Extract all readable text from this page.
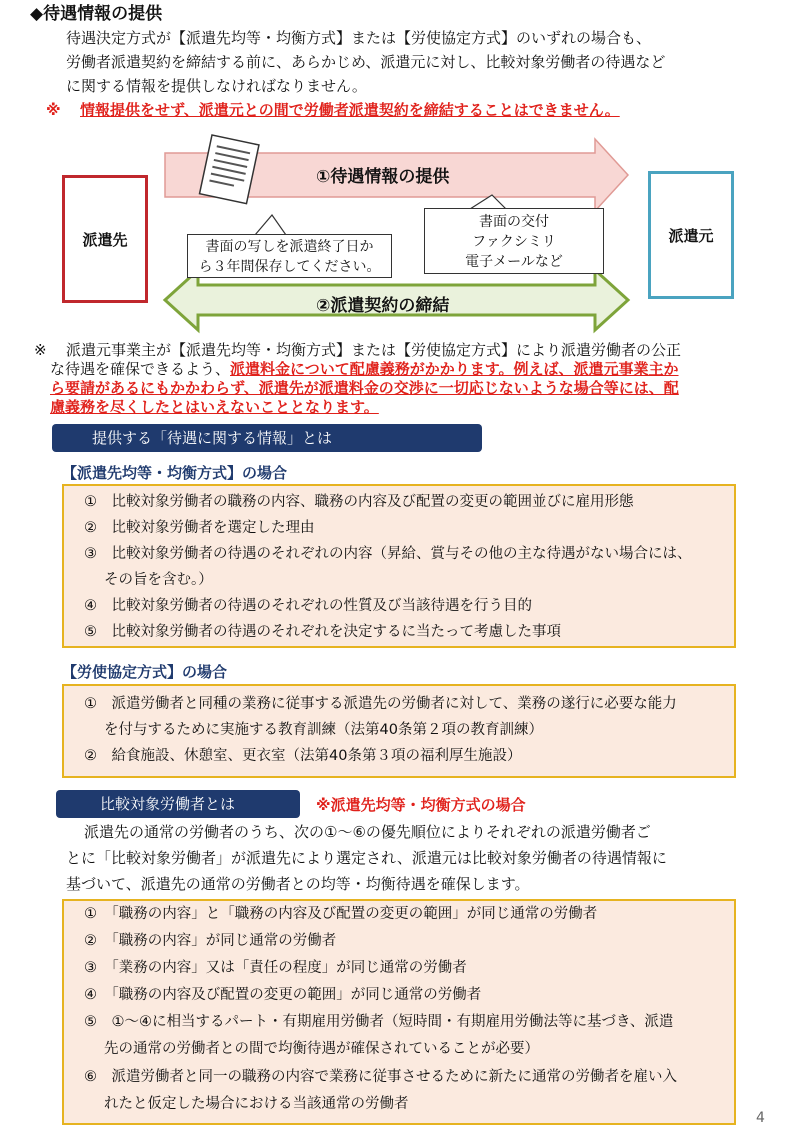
◆待遇情報の提供
待遇決定方式が【派遣先均等・均衡方式】または【労使協定方式】のいずれの場合も、
労働者派遣契約を締結する前に、あらかじめ、派遣元に対し、比較対象労働者の待遇など
に関する情報を提供しなければなりません。
※ 情報提供をせず、派遣元との間で労働者派遣契約を締結することはできません。
派遣先	派遣元
①待遇情報の提供
②派遣契約の締結
書面の写しを派遣終了日か
ら３年間保存してください。
書面の交付
ファクシミリ
電子メールなど
※ 派遣元事業主が【派遣先均等・均衡方式】または【労使協定方式】により派遣労働者の公正
な待遇を確保できるよう、派遣料金について配慮義務がかかります。例えば、派遣元事業主か
ら要請があるにもかかわらず、派遣先が派遣料金の交渉に一切応じないような場合等には、配
慮義務を尽くしたとはいえないこととなります。
提供する「待遇に関する情報」とは
【派遣先均等・均衡方式】の場合
①　比較対象労働者の職務の内容、職務の内容及び配置の変更の範囲並びに雇用形態
②　比較対象労働者を選定した理由
③　比較対象労働者の待遇のそれぞれの内容（昇給、賞与その他の主な待遇がない場合には、
その旨を含む。）
④　比較対象労働者の待遇のそれぞれの性質及び当該待遇を行う目的
⑤　比較対象労働者の待遇のそれぞれを決定するに当たって考慮した事項
【労使協定方式】の場合
①　派遣労働者と同種の業務に従事する派遣先の労働者に対して、業務の遂行に必要な能力
を付与するために実施する教育訓練（法第40条第２項の教育訓練）
②　給食施設、休憩室、更衣室（法第40条第３項の福利厚生施設）
比較対象労働者とは	※派遣先均等・均衡方式の場合
派遣先の通常の労働者のうち、次の①～⑥の優先順位によりそれぞれの派遣労働者ご
とに「比較対象労働者」が派遣先により選定され、派遣元は比較対象労働者の待遇情報に
基づいて、派遣先の通常の労働者との均等・均衡待遇を確保します。
①　「職務の内容」と「職務の内容及び配置の変更の範囲」が同じ通常の労働者
②　「職務の内容」が同じ通常の労働者
③　「業務の内容」又は「責任の程度」が同じ通常の労働者
④　「職務の内容及び配置の変更の範囲」が同じ通常の労働者
⑤　①～④に相当するパート・有期雇用労働者（短時間・有期雇用労働法等に基づき、派遣
先の通常の労働者との間で均衡待遇が確保されていることが必要）
⑥　派遣労働者と同一の職務の内容で業務に従事させるために新たに通常の労働者を雇い入
れたと仮定した場合における当該通常の労働者
4
